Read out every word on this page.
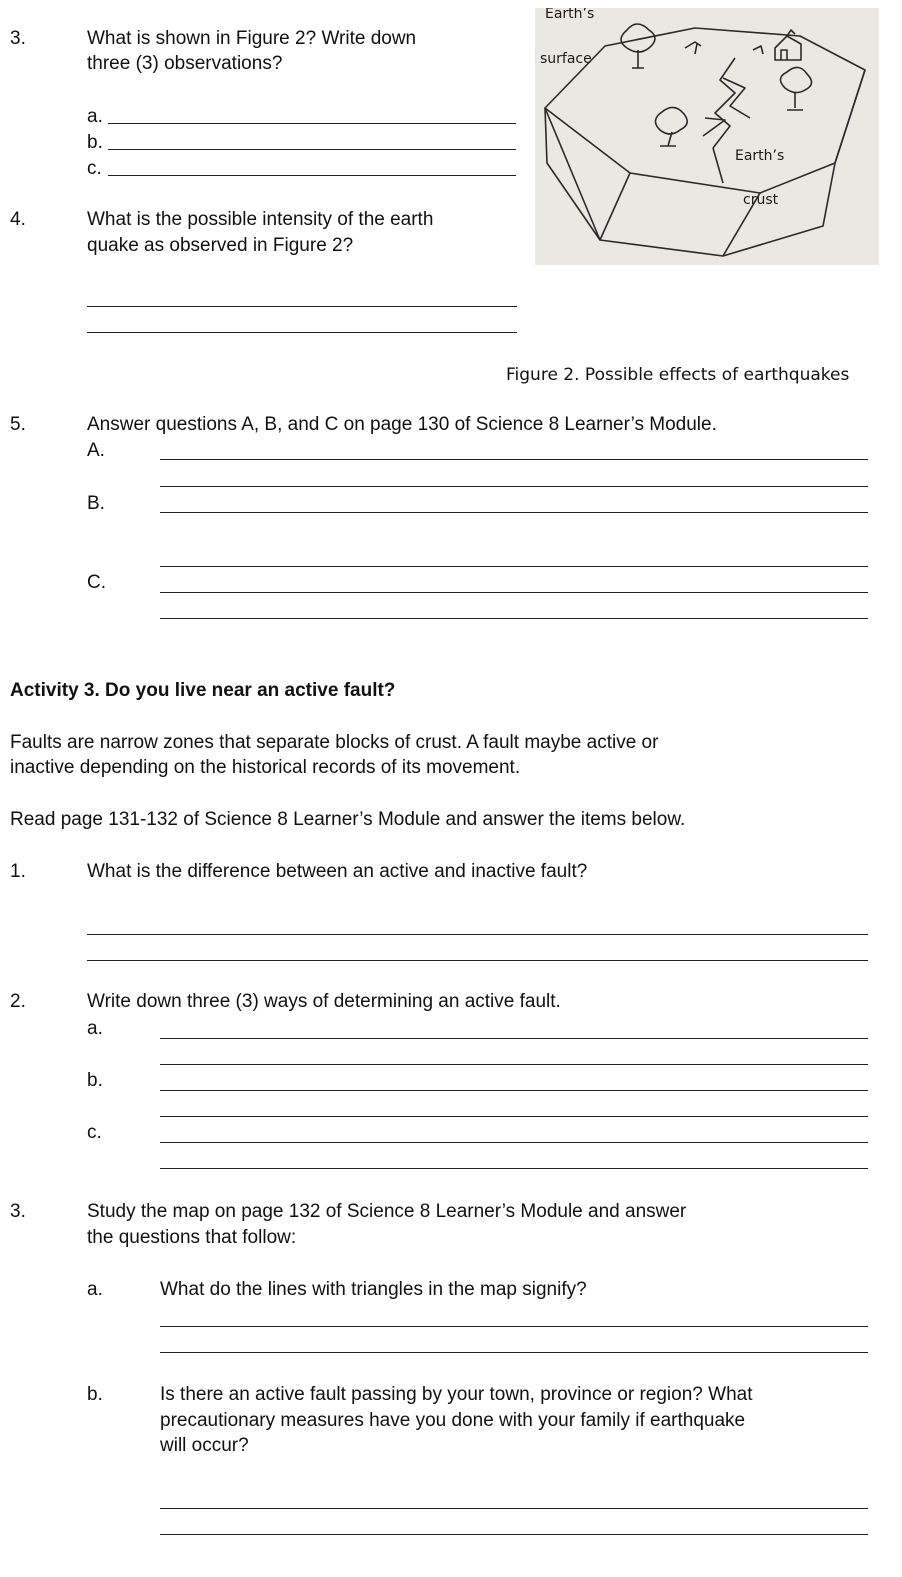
3.	What is shown in Figure 2? Write down
three (3) observations?
a.
b.
c.
4.	What is the possible intensity of the earth
quake as observed in Figure 2?
Earth’s
surface
Earth’s
crust
Figure 2. Possible effects of earthquakes
5.	Answer questions A, B, and C on page 130 of Science 8 Learner’s Module.
A.
B.
C.
Activity 3. Do you live near an active fault?
Faults are narrow zones that separate blocks of crust. A fault maybe active or
inactive depending on the historical records of its movement.
Read page 131-132 of Science 8 Learner’s Module and answer the items below.
1.	What is the difference between an active and inactive fault?
2.	Write down three (3) ways of determining an active fault.
a.
b.
c.
3.	Study the map on page 132 of Science 8 Learner’s Module and answer
the questions that follow:
a.	What do the lines with triangles in the map signify?
b.	Is there an active fault passing by your town, province or region? What
precautionary measures have you done with your family if earthquake
will occur?
